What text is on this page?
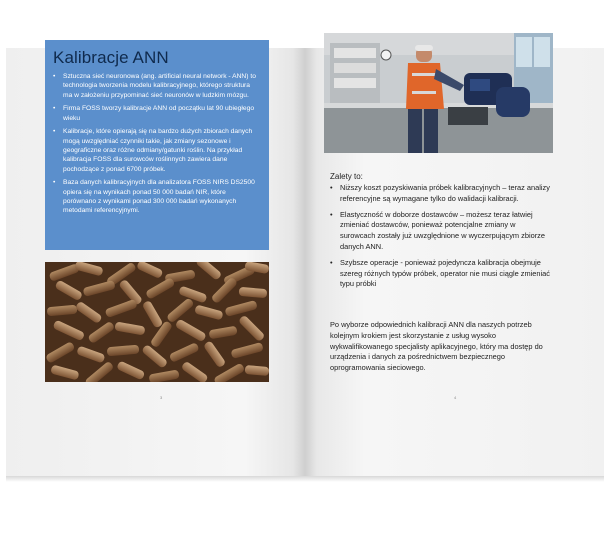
Kalibracje ANN
• Sztuczna sieć neuronowa (ang. artificial neural network - ANN) to technologia tworzenia modelu kalibracyjnego, którego struktura ma w założeniu przypominać sieć neuronów w ludzkim mózgu.
• Firma FOSS tworzy kalibracje ANN od początku lat 90 ubiegłego wieku
• Kalibracje, które opierają się na bardzo dużych zbiorach danych mogą uwzględniać czynniki takie, jak zmiany sezonowe i geograficzne oraz różne odmiany/gatunki roślin. Na przykład kalibracja FOSS dla surowców roślinnych zawiera dane pochodzące z ponad 6700 próbek.
• Baza danych kalibracyjnych dla analizatora FOSS NIRS DS2500 opiera się na wynikach ponad 50 000 badań NIR, które porównano z wynikami ponad 300 000 badań wykonanych metodami referencyjnymi.
3
Zalety to:
• Niższy koszt pozyskiwania próbek kalibracyjnych – teraz analizy referencyjne są wymagane tylko do walidacji kalibracji.
• Elastyczność w doborze dostawców – możesz teraz łatwiej zmieniać dostawców, ponieważ potencjalne zmiany w surowcach zostały już uwzględnione w wyczerpującym zbiorze danych ANN.
• Szybsze operacje - ponieważ pojedyncza kalibracja obejmuje szereg różnych typów próbek, operator nie musi ciągle zmieniać typu próbki

Po wyborze odpowiednich kalibracji ANN dla naszych potrzeb kolejnym krokiem jest skorzystanie z usług wysoko wykwalifikowanego specjalisty aplikacyjnego, który ma dostęp do urządzenia i danych za pośrednictwem bezpiecznego oprogramowania sieciowego.

4
